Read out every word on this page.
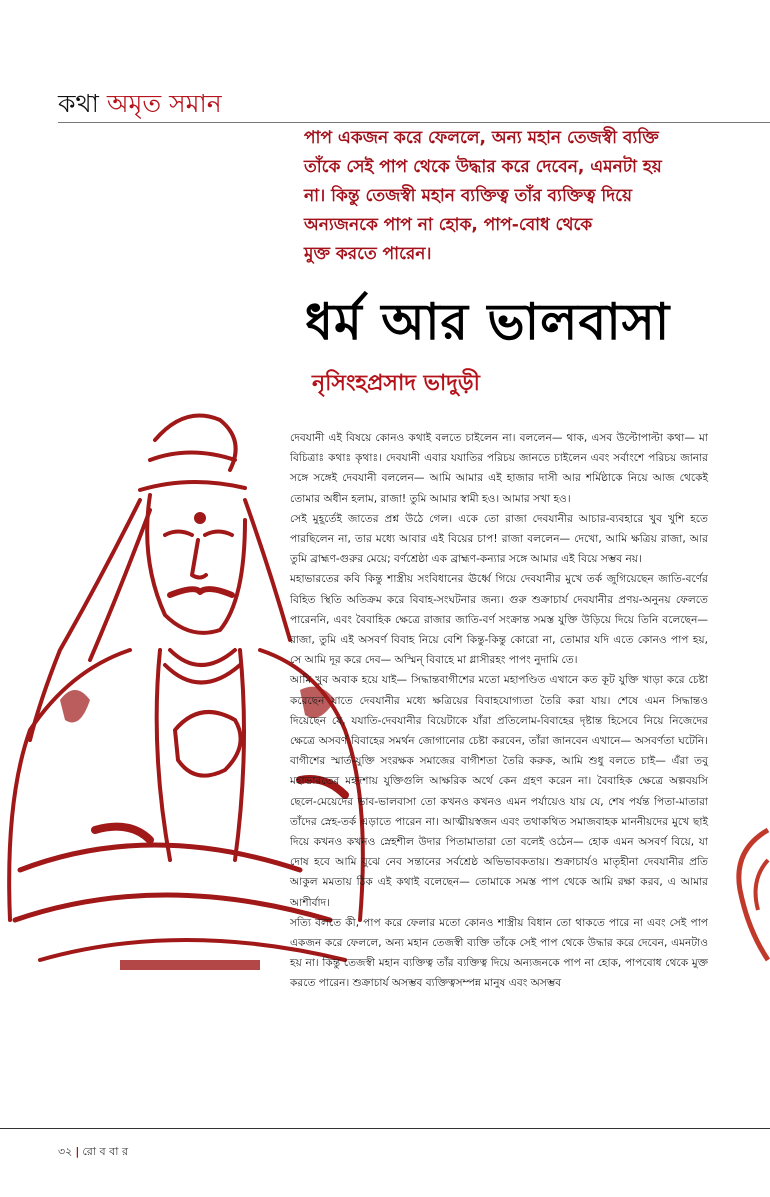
কথা অমৃত সমান

পাপ একজন করে ফেললে, অন্য মহান তেজস্বী ব্যক্তি

তাঁকে সেই পাপ থেকে উদ্ধার করে দেবেন, এমনটা হয়

না। কিন্তু তেজস্বী মহান ব্যক্তিত্ব তাঁর ব্যক্তিত্ব দিয়ে

অন্যজনকে পাপ না হোক, পাপ-বোধ থেকে

মুক্ত করতে পারেন।

ধর্ম আর ভালবাসা
নৃসিংহপ্রসাদ ভাদুড়ী

দেবযানী এই বিষয়ে কোনও কথাই বলতে চাইলেন না। বললেন— থাক, এসব উল্টোপাল্টা কথা— মা বিচিত্রাঃ কথাঃ কৃথাঃ। দেবযানী এবার যযাতির পরিচয় জানতে চাইলেন এবং সর্বাংশে পরিচয় জানার সঙ্গে সঙ্গেই দেবযানী বললেন— আমি আমার এই হাজার দাসী আর শর্মিষ্ঠাকে নিয়ে আজ থেকেই তোমার অধীন হলাম, রাজা! তুমি আমার স্বামী হও। আমার সখা হও।

সেই মুহূর্তেই জাতের প্রশ্ন উঠে গেল। একে তো রাজা দেবযানীর আচার-ব্যবহারে খুব খুশি হতে পারছিলেন না, তার মধ্যে আবার এই বিয়ের চাপ! রাজা বললেন— দেখো, আমি ক্ষত্রিয় রাজা, আর তুমি ব্রাহ্মণ-গুরুর মেয়ে; বর্ণশ্রেষ্ঠা এক ব্রাহ্মণ-কন্যার সঙ্গে আমার এই বিয়ে সম্ভব নয়।

মহাভারতের কবি কিন্তু শাস্ত্রীয় সংবিধানের ঊর্ধ্বে গিয়ে দেবযানীর মুখে তর্ক জুগিয়েছেন জাতি-বর্ণের বিহিত স্থিতি অতিক্রম করে বিবাহ-সংঘটনার জন্য। গুরু শুক্রাচার্য দেবযানীর প্রণয়-অনুনয় ফেলতে পারেননি, এবং বৈবাহিক ক্ষেত্রে রাজার জাতি-বর্ণ সংক্রান্ত সমস্ত যুক্তি উড়িয়ে দিয়ে তিনি বলেছেন— রাজা, তুমি এই অসবর্ণ বিবাহ নিয়ে বেশি কিন্তু-কিন্তু কোরো না, তোমার যদি এতে কোনও পাপ হয়, সে আমি দূর করে দেব— অস্মিন্ বিবাহে মা গ্লাসীরহং পাপং নুদামি তে।

আমি খুব অবাক হয়ে যাই— সিদ্ধান্তবাগীশের মতো মহাপণ্ডিত এখানে কত কূট যুক্তি খাড়া করে চেষ্টা করেছেন যাতে দেবযানীর মধ্যে ক্ষত্রিয়ের বিবাহযোগ্যতা তৈরি করা যায়। শেষে এমন সিদ্ধান্তও দিয়েছেন যে, যযাতি-দেবযানীর বিয়েটাকে যাঁরা প্রতিলোম-বিবাহের দৃষ্টান্ত হিসেবে নিয়ে নিজেদের ক্ষেত্রে অসবর্ণ বিবাহের সমর্থন জোগানোর চেষ্টা করবেন, তাঁরা জানবেন এখানে— অসবর্ণতা ঘটেনি। বাগীশের স্মার্ত-যুক্তি সংরক্ষক সমাজের বাগীশতা তৈরি করুক, আমি শুধু বলতে চাই— এঁরা তবু মহাভারতের মহদশায় যুক্তিগুলি আক্ষরিক অর্থে কেন গ্রহণ করেন না। বৈবাহিক ক্ষেত্রে অল্পবয়সি ছেলে-মেয়েদের ভাব-ভালবাসা তো কখনও কখনও এমন পর্যায়েও যায় যে, শেষ পর্যন্ত পিতা-মাতারা তাঁদের স্নেহ-তর্ক এড়াতে পারেন না। আত্মীয়স্বজন এবং তথাকথিত সমাজবাহক মাননীয়দের মুখে ছাই দিয়ে কখনও কখনও স্নেহশীল উদার পিতামাতারা তো বলেই ওঠেন— হোক এমন অসবর্ণ বিয়ে, যা দোষ হবে আমি বুঝে নেব সন্তানের সর্বশ্রেষ্ঠ অভিভাবকতায়। শুক্রাচার্যও মাতৃহীনা দেবযানীর প্রতি আকুল মমতায় ঠিক এই কথাই বলেছেন— তোমাকে সমস্ত পাপ থেকে আমি রক্ষা করব, এ আমার আশীর্বাদ।

সত্যি বলতে কী, পাপ করে ফেলার মতো কোনও শাস্ত্রীয় বিধান তো থাকতে পারে না এবং সেই পাপ একজন করে ফেললে, অন্য মহান তেজস্বী ব্যক্তি তাঁকে সেই পাপ থেকে উদ্ধার করে দেবেন, এমনটাও হয় না। কিন্তু তেজস্বী মহান ব্যক্তিত্ব তাঁর ব্যক্তিত্ব দিয়ে অন্যজনকে পাপ না হোক, পাপবোধ থেকে মুক্ত করতে পারেন। শুক্রাচার্য অসম্ভব ব্যক্তিত্বসম্পন্ন মানুষ এবং অসম্ভব

৩২ | রো ব বা র
